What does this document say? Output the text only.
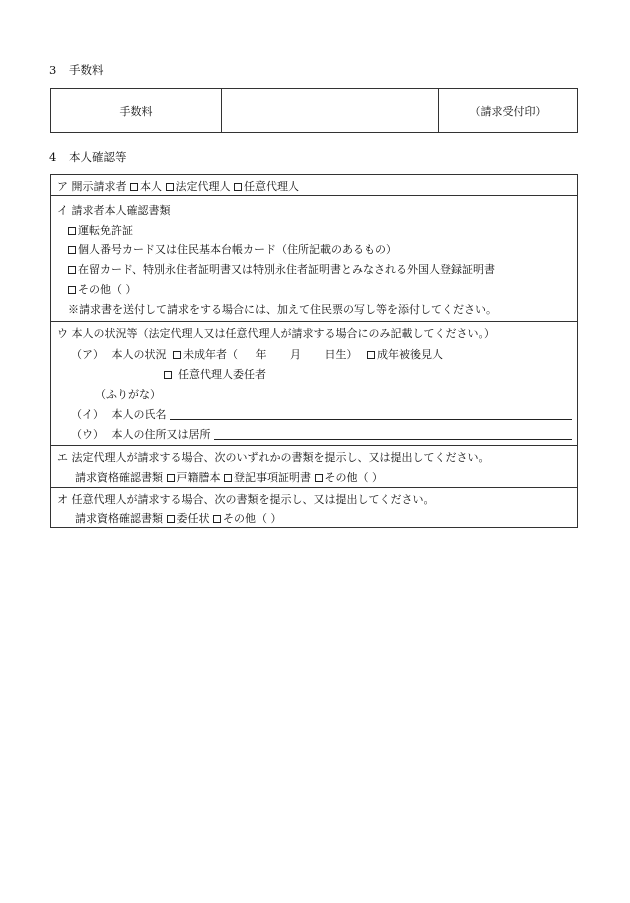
3 手数料
手数料	（請求受付印）
4 本人確認等
ア 開示請求者 本人 法定代理人 任意代理人
イ 請求者本人確認書類
運転免許証
個人番号カード又は住民基本台帳カード（住所記載のあるもの）
在留カード、特別永住者証明書又は特別永住者証明書とみなされる外国人登録証明書
その他（ ）
※請求書を送付して請求をする場合には、加えて住民票の写し等を添付してください。
ウ 本人の状況等（法定代理人又は任意代理人が請求する場合にのみ記載してください。）
（ア） 本人の状況 未成年者（ 年 月 日生） 成年被後見人
任意代理人委任者
（ふりがな）
（イ） 本人の氏名
（ウ） 本人の住所又は居所
エ 法定代理人が請求する場合、次のいずれかの書類を提示し、又は提出してください。
請求資格確認書類 戸籍謄本 登記事項証明書 その他（ ）
オ 任意代理人が請求する場合、次の書類を提示し、又は提出してください。
請求資格確認書類 委任状 その他（ ）
